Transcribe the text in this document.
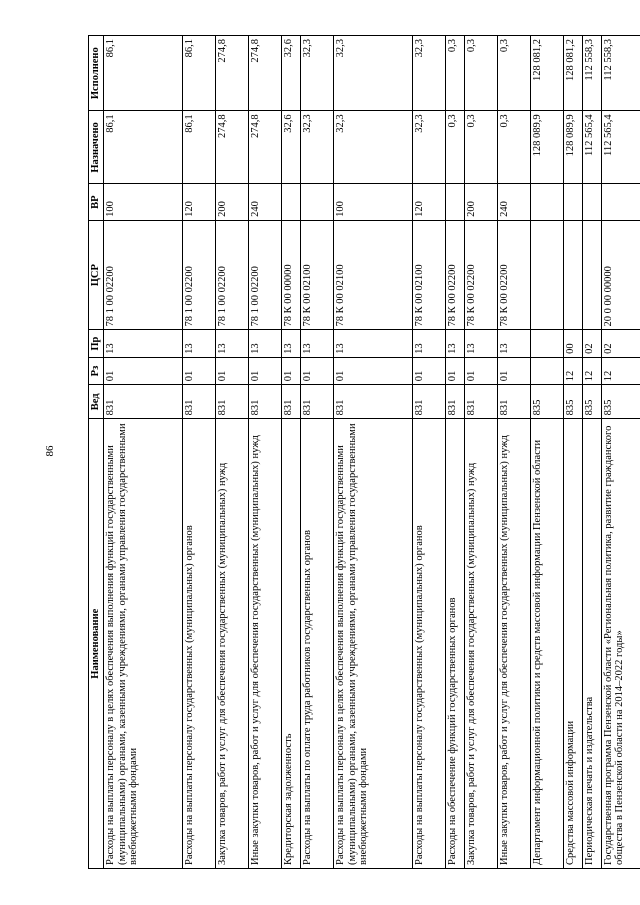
86
Наименование	Вед	Рз	Пр	ЦСР	ВР	Назначено	Исполнено
Расходы на выплаты персоналу в целях обеспечения выполнения функций государственными (муниципальными) органами, казенными учреждениями, органами управления государственными внебюджетными фондами	831	01	13	78 1 00 02200	100	86,1	86,1
Расходы на выплаты персоналу государственных (муниципальных) органов	831	01	13	78 1 00 02200	120	86,1	86,1
Закупка товаров, работ и услуг для обеспечения государственных (муниципальных) нужд	831	01	13	78 1 00 02200	200	274,8	274,8
Иные закупки товаров, работ и услуг для обеспечения государственных (муниципальных) нужд	831	01	13	78 1 00 02200	240	274,8	274,8
Кредиторская задолженность	831	01	13	78 К 00 00000		32,6	32,6
Расходы на выплаты по оплате труда работников государственных органов	831	01	13	78 К 00 02100		32,3	32,3
Расходы на выплаты персоналу в целях обеспечения выполнения функций государственными (муниципальными) органами, казенными учреждениями, органами управления государственными внебюджетными фондами	831	01	13	78 К 00 02100	100	32,3	32,3
Расходы на выплаты персоналу государственных (муниципальных) органов	831	01	13	78 К 00 02100	120	32,3	32,3
Расходы на обеспечение функций государственных органов	831	01	13	78 К 00 02200		0,3	0,3
Закупка товаров, работ и услуг для обеспечения государственных (муниципальных) нужд	831	01	13	78 К 00 02200	200	0,3	0,3
Иные закупки товаров, работ и услуг для обеспечения государственных (муниципальных) нужд	831	01	13	78 К 00 02200	240	0,3	0,3
Департамент информационной политики и средств массовой информации Пензенской области	835					128 089,9	128 081,2
Средства массовой информации	835	12	00			128 089,9	128 081,2
Периодическая печать и издательства	835	12	02			112 565,4	112 558,3
Государственная программа Пензенской области «Региональная политика, развитие гражданского общества в Пензенской области на 2014–2022 годы»	835	12	02	20 0 00 00000		112 565,4	112 558,3
